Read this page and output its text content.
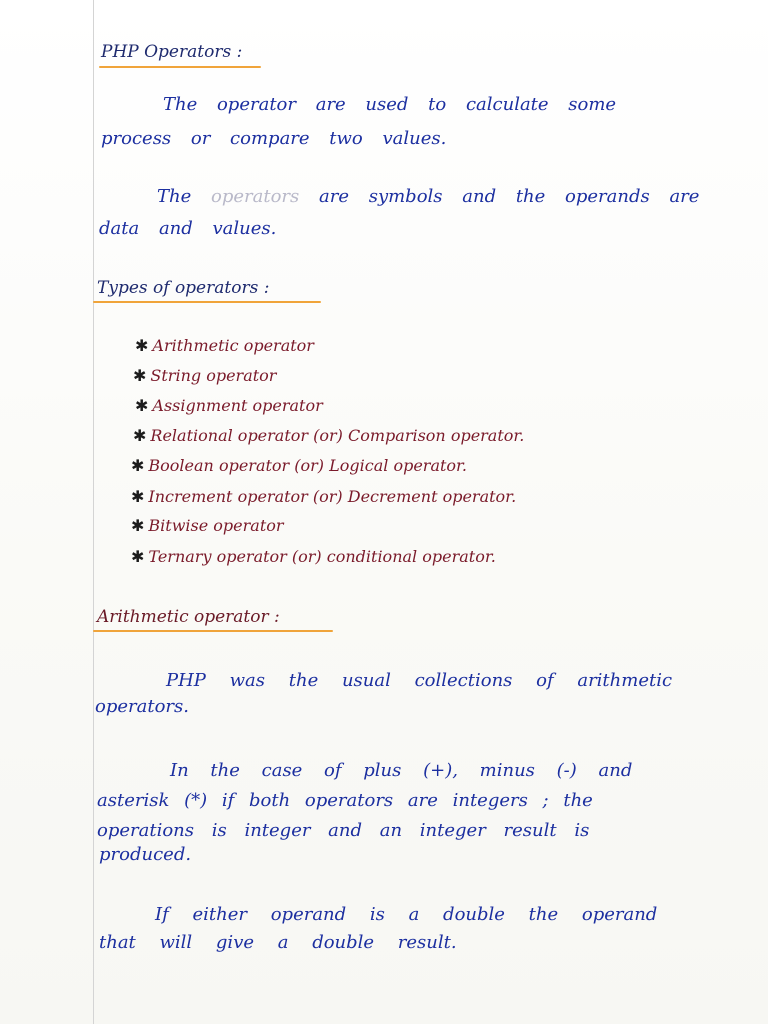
PHP Operators :
The operator are used to calculate some
process or compare two values.
The operators are symbols and the operands are
data and values.
Types of operators :
✱ Arithmetic operator
✱ String operator
✱ Assignment operator
✱ Relational operator (or) Comparison operator.
✱ Boolean operator (or) Logical operator.
✱ Increment operator (or) Decrement operator.
✱ Bitwise operator
✱ Ternary operator (or) conditional operator.
Arithmetic operator :
PHP was the usual collections of arithmetic
operators.
In the case of plus (+), minus (-) and
asterisk (*) if both operators are integers ; the
operations is integer and an integer result is
produced.
If either operand is a double the operand
that will give a double result.
